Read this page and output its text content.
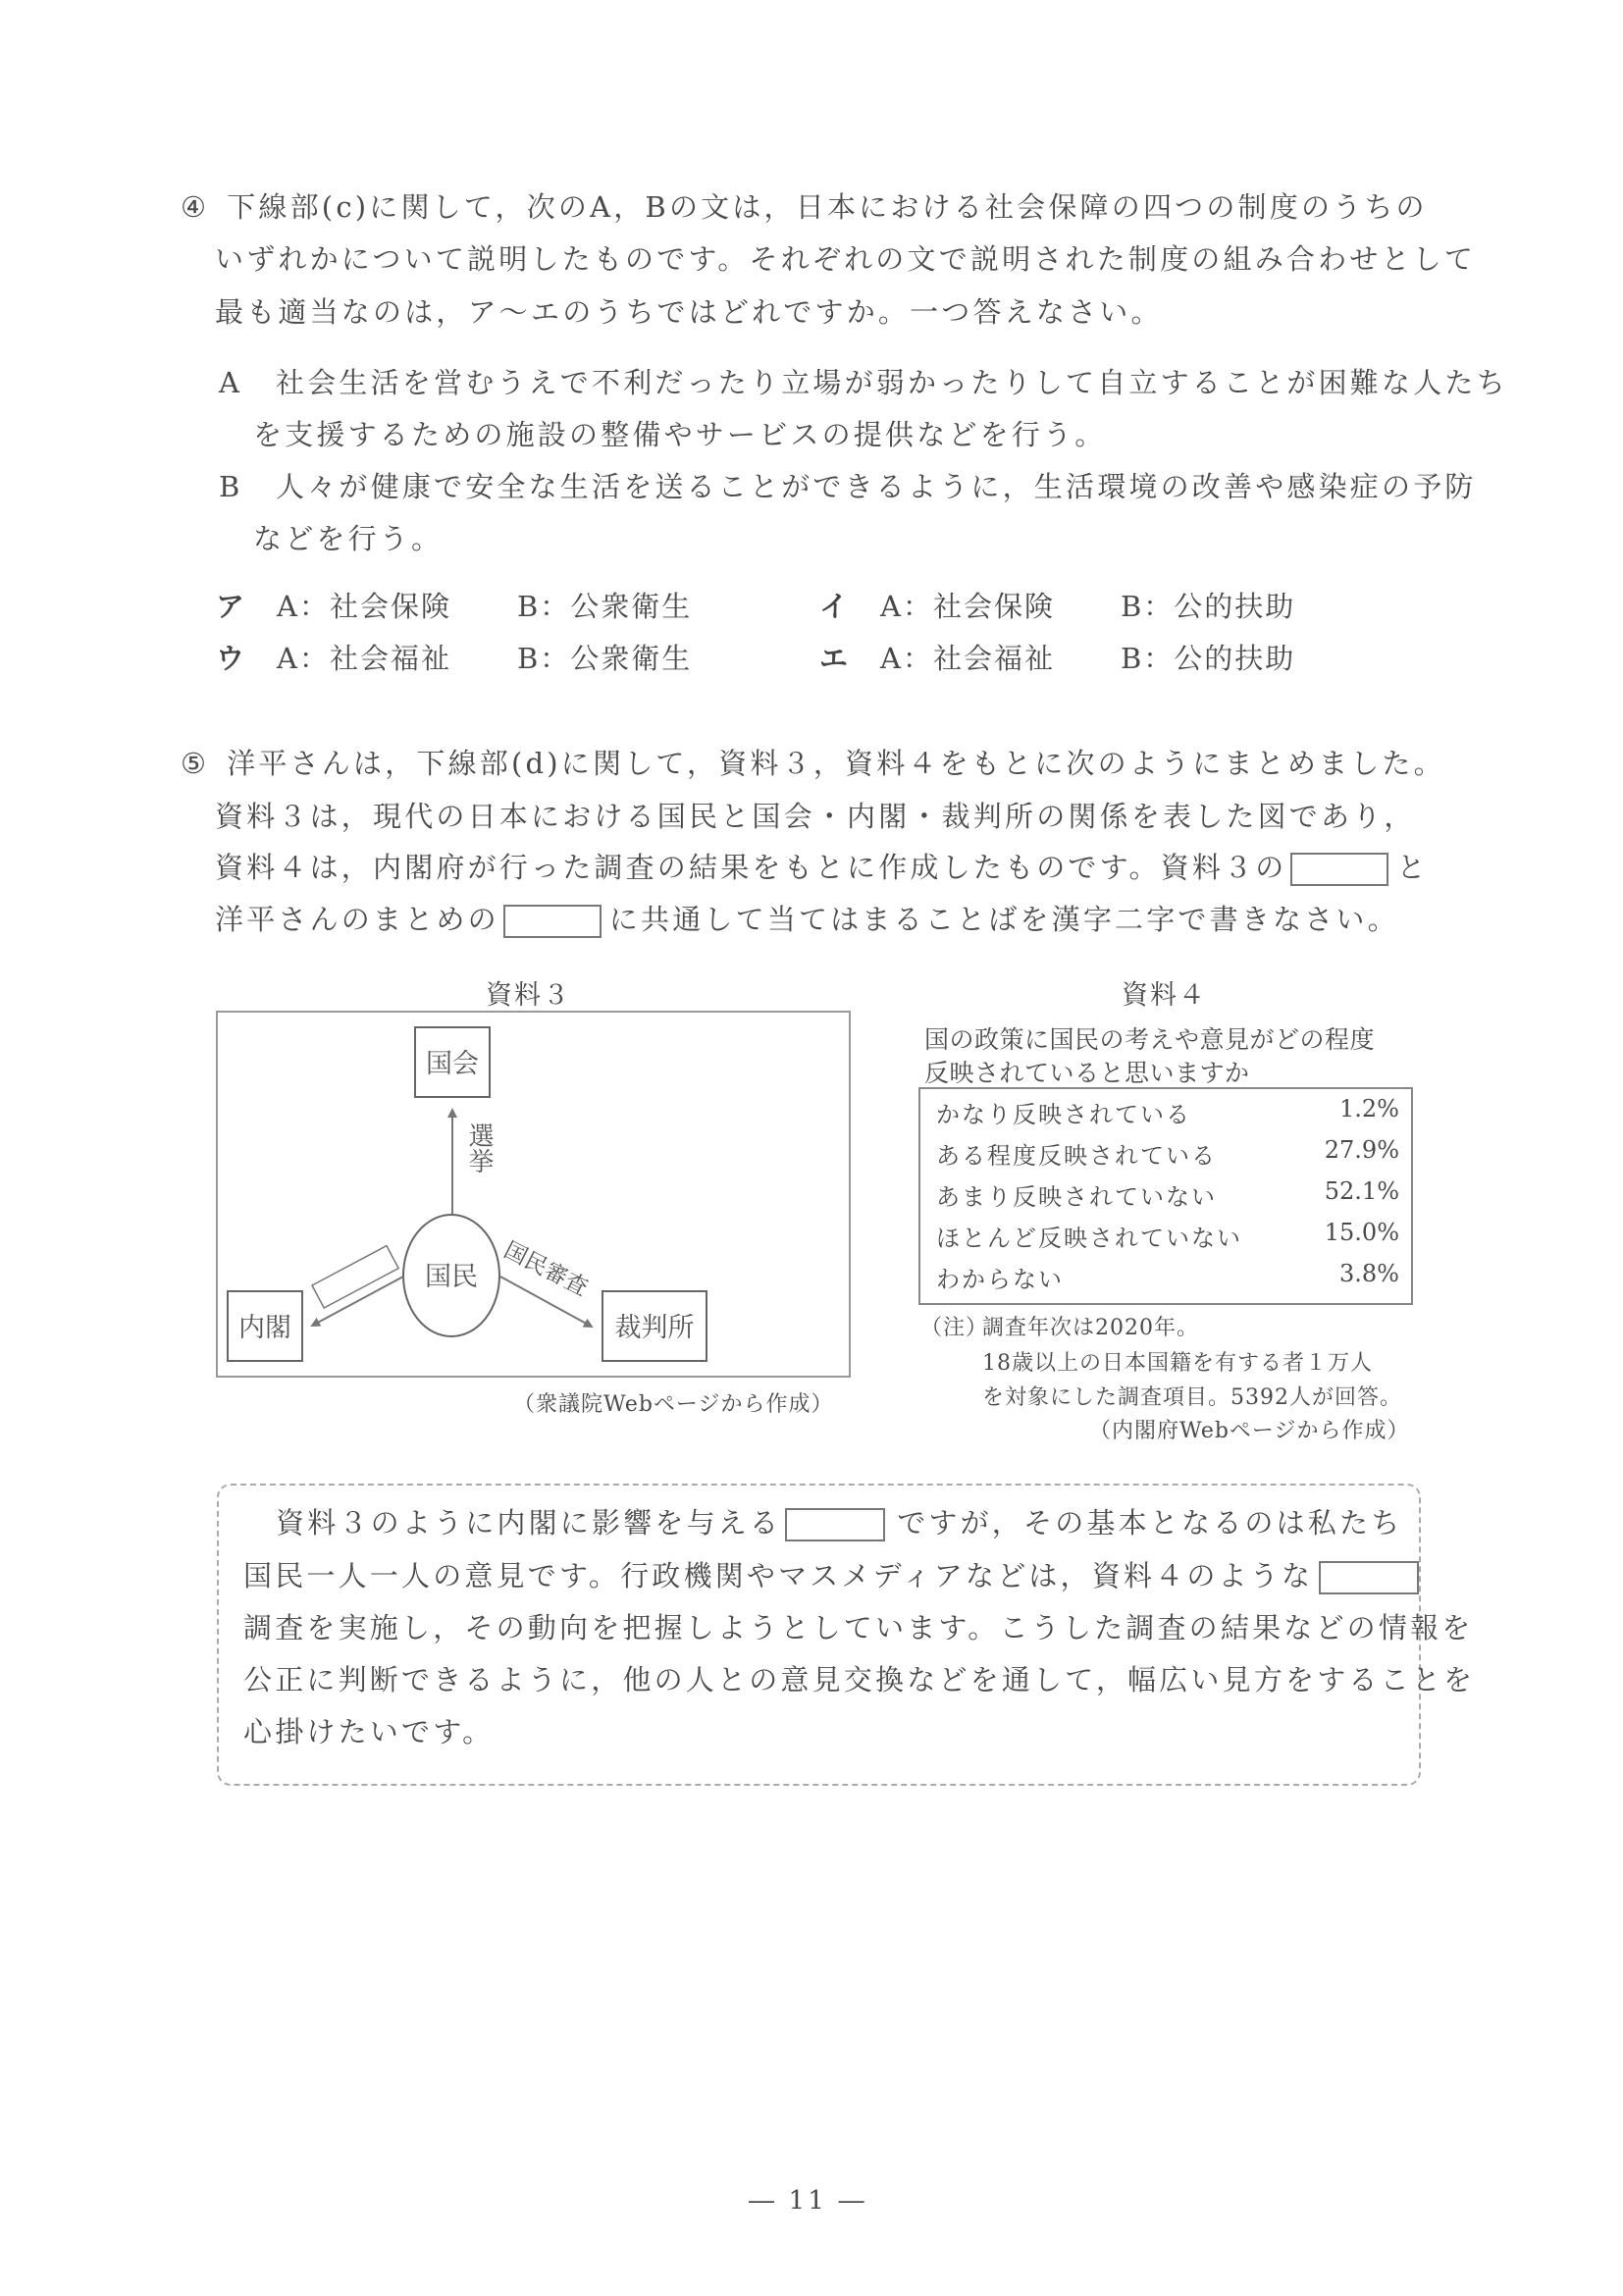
④ 下線部(c)に関して，次のA，Bの文は，日本における社会保障の四つの制度のうちの
いずれかについて説明したものです。それぞれの文で説明された制度の組み合わせとして
最も適当なのは，ア～エのうちではどれですか。一つ答えなさい。
A 社会生活を営むうえで不利だったり立場が弱かったりして自立することが困難な人たち
を支援するための施設の整備やサービスの提供などを行う。
B 人々が健康で安全な生活を送ることができるように，生活環境の改善や感染症の予防
などを行う。
ア A：社会保険 B：公衆衛生	イ A：社会保険 B：公的扶助
ウ A：社会福祉 B：公衆衛生	エ A：社会福祉 B：公的扶助
⑤ 洋平さんは，下線部(d)に関して，資料３，資料４をもとに次のようにまとめました。
資料３は，現代の日本における国民と国会・内閣・裁判所の関係を表した図であり，
資料４は，内閣府が行った調査の結果をもとに作成したものです。資料３の	と
洋平さんのまとめの	に共通して当てはまることばを漢字二字で書きなさい。
資料３
国会
国民
内閣	裁判所
選挙
国民審査
（衆議院Webページから作成）
資料４
国の政策に国民の考えや意見がどの程度
反映されていると思いますか
かなり反映されている	1.2%
ある程度反映されている	27.9%
あまり反映されていない	52.1%
ほとんど反映されていない	15.0%
わからない	3.8%
（注）
調査年次は2020年。
18歳以上の日本国籍を有する者１万人
を対象にした調査項目。5392人が回答。
（内閣府Webページから作成）
資料３のように内閣に影響を与える	ですが，その基本となるのは私たち
国民一人一人の意見です。行政機関やマスメディアなどは，資料４のような
調査を実施し，その動向を把握しようとしています。こうした調査の結果などの情報を
公正に判断できるように，他の人との意見交換などを通して，幅広い見方をすることを
心掛けたいです。
― 11 ―
